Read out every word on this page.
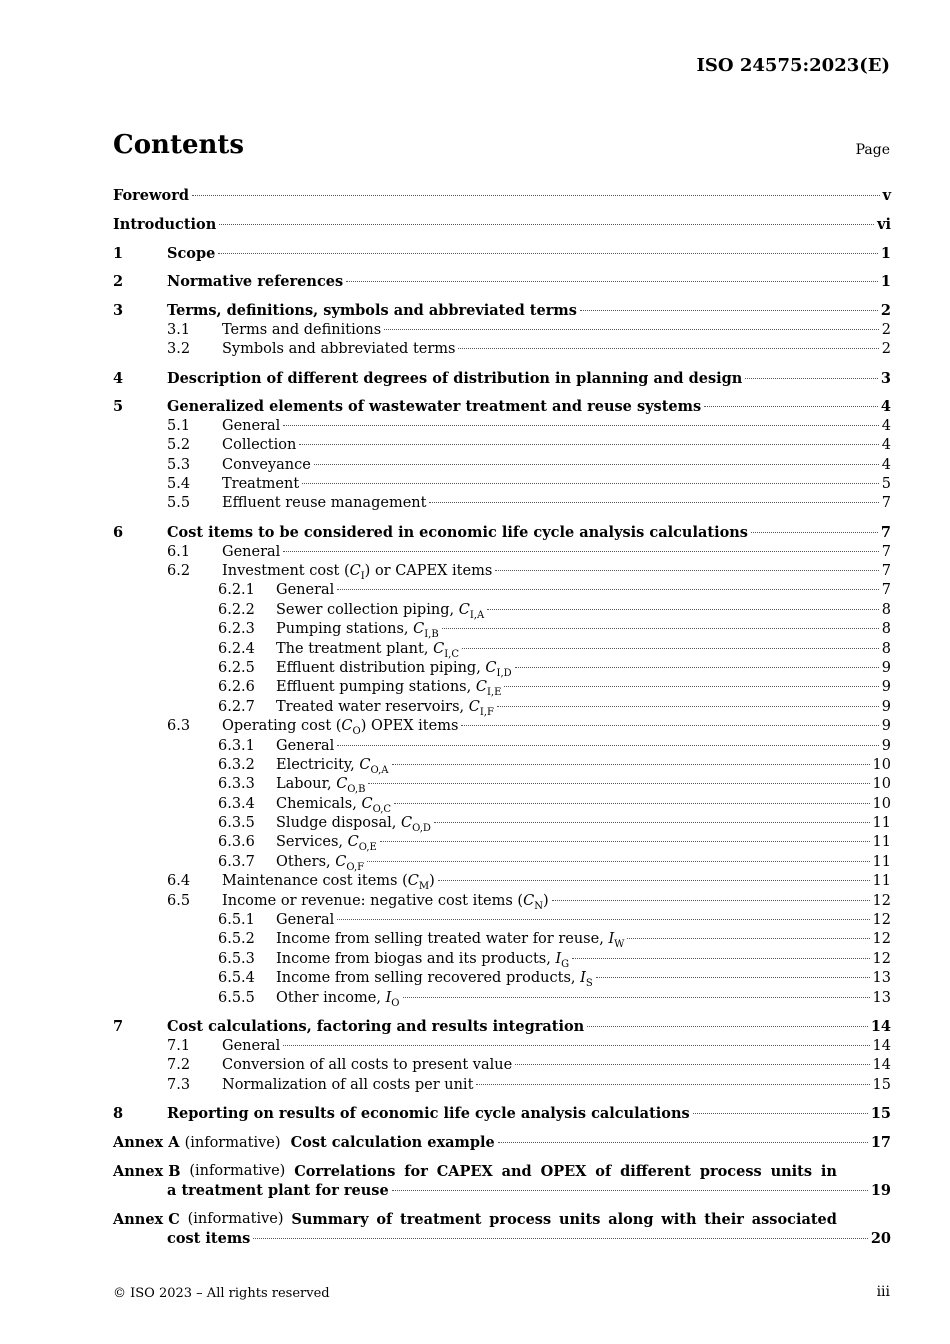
ISO 24575:2023(E)
Contents	Page
Foreword	v
Introduction	vi
1	Scope	1
2	Normative references	1
3	Terms, definitions, symbols and abbreviated terms	2
3.1	Terms and definitions	2
3.2	Symbols and abbreviated terms	2
4	Description of different degrees of distribution in planning and design	3
5	Generalized elements of wastewater treatment and reuse systems	4
5.1	General	4
5.2	Collection	4
5.3	Conveyance	4
5.4	Treatment	5
5.5	Effluent reuse management	7
6	Cost items to be considered in economic life cycle analysis calculations	7
6.1	General	7
6.2	Investment cost $(C_I)$ or CAPEX items	7
6.2.1	General	7
6.2.2	Sewer collection piping, $C_{I,A}$	8
6.2.3	Pumping stations, $C_{I,B}$	8
6.2.4	The treatment plant, $C_{I,C}$	8
6.2.5	Effluent distribution piping, $C_{I,D}$	9
6.2.6	Effluent pumping stations, $C_{I,E}$	9
6.2.7	Treated water reservoirs, $C_{I,F}$	9
6.3	Operating cost $(C_O)$ OPEX items	9
6.3.1	General	9
6.3.2	Electricity, $C_{O,A}$	10
6.3.3	Labour, $C_{O,B}$	10
6.3.4	Chemicals, $C_{O,C}$	10
6.3.5	Sludge disposal, $C_{O,D}$	11
6.3.6	Services, $C_{O,E}$	11
6.3.7	Others, $C_{O,F}$	11
6.4	Maintenance cost items $(C_M)$	11
6.5	Income or revenue: negative cost items $(C_N)$	12
6.5.1	General	12
6.5.2	Income from selling treated water for reuse, $I_W$	12
6.5.3	Income from biogas and its products, $I_G$	12
6.5.4	Income from selling recovered products, $I_S$	13
6.5.5	Other income, $I_O$	13
7	Cost calculations, factoring and results integration	14
7.1	General	14
7.2	Conversion of all costs to present value	14
7.3	Normalization of all costs per unit	15
8	Reporting on results of economic life cycle analysis calculations	15
Annex A (informative) Cost calculation example	17
Annex B (informative) Correlations for CAPEX and OPEX of different process units in
a treatment plant for reuse	19
Annex C (informative) Summary of treatment process units along with their associated
cost items	20
© ISO 2023 – All rights reserved	iii
